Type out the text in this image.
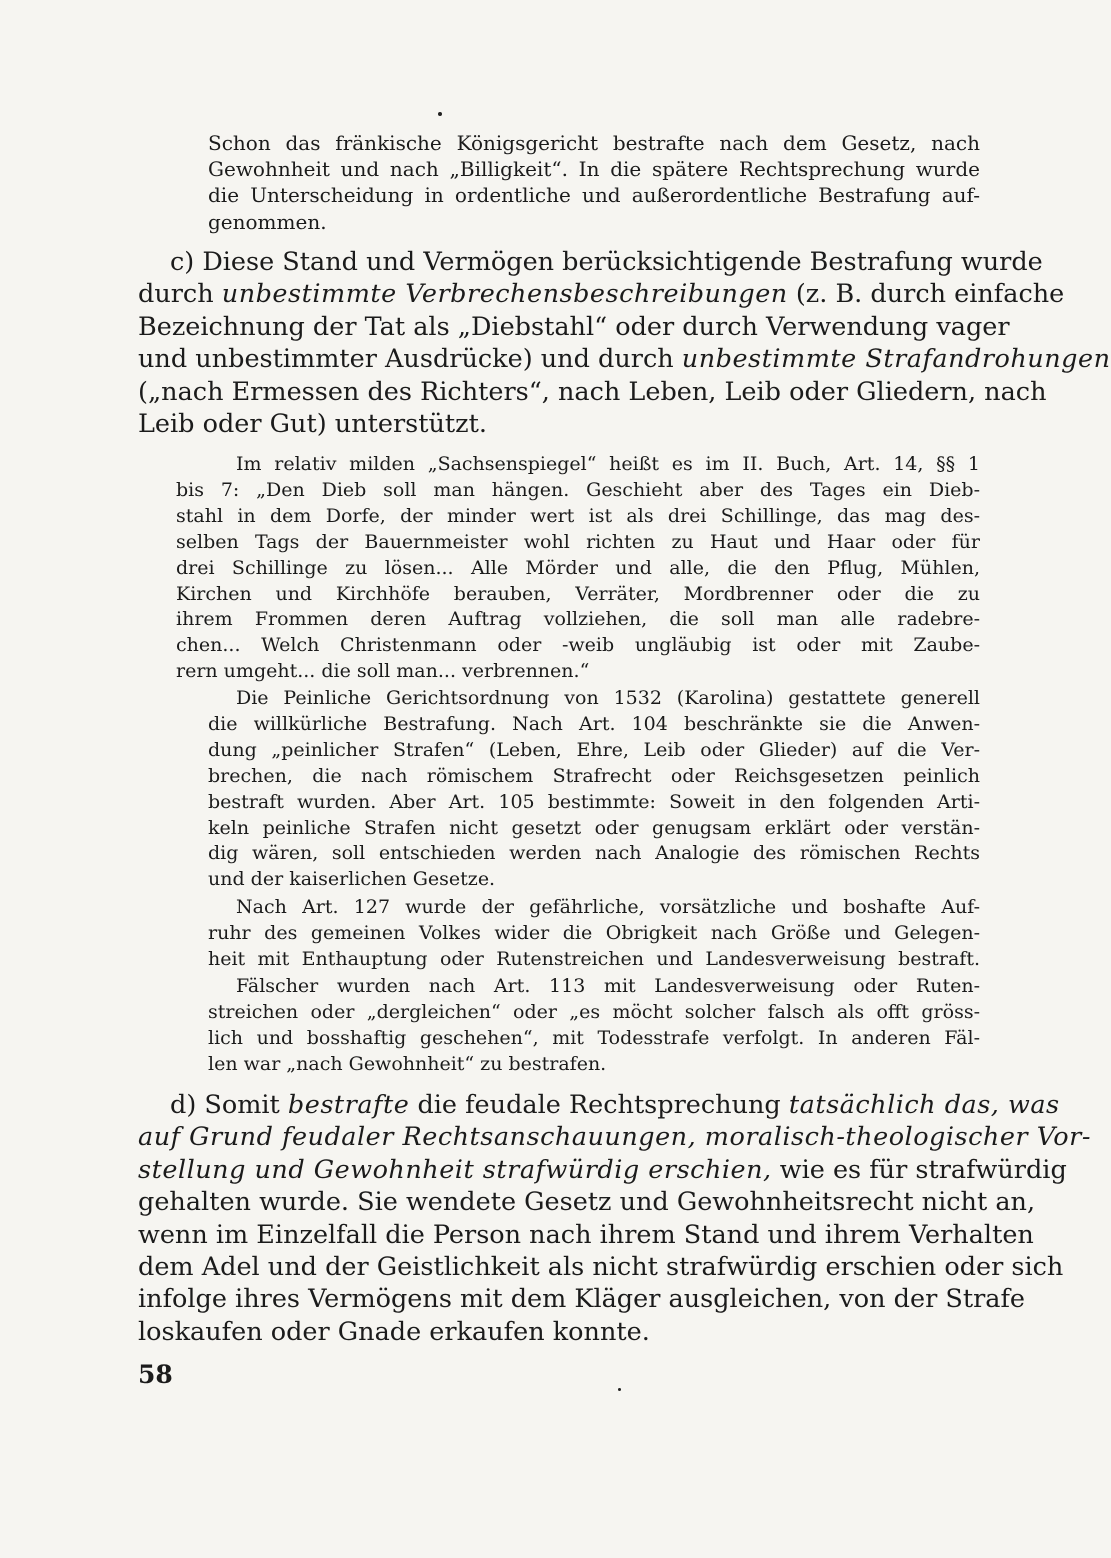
Schon das fränkische Königsgericht bestrafte nach dem Gesetz, nach
Gewohnheit und nach „Billigkeit“. In die spätere Rechtsprechung wurde
die Unterscheidung in ordentliche und außerordentliche Bestrafung auf-
genommen.
c) Diese Stand und Vermögen berücksichtigende Bestrafung wurde
durch unbestimmte Verbrechensbeschreibungen (z. B. durch einfache
Bezeichnung der Tat als „Diebstahl“ oder durch Verwendung vager
und unbestimmter Ausdrücke) und durch unbestimmte Strafandrohungen
(„nach Ermessen des Richters“, nach Leben, Leib oder Gliedern, nach
Leib oder Gut) unterstützt.
Im relativ milden „Sachsenspiegel“ heißt es im II. Buch, Art. 14, §§ 1
bis 7: „Den Dieb soll man hängen. Geschieht aber des Tages ein Dieb-
stahl in dem Dorfe, der minder wert ist als drei Schillinge, das mag des-
selben Tags der Bauernmeister wohl richten zu Haut und Haar oder für
drei Schillinge zu lösen... Alle Mörder und alle, die den Pflug, Mühlen,
Kirchen und Kirchhöfe berauben, Verräter, Mordbrenner oder die zu
ihrem Frommen deren Auftrag vollziehen, die soll man alle radebre-
chen... Welch Christenmann oder -weib ungläubig ist oder mit Zaube-
rern umgeht... die soll man... verbrennen.“
Die Peinliche Gerichtsordnung von 1532 (Karolina) gestattete generell
die willkürliche Bestrafung. Nach Art. 104 beschränkte sie die Anwen-
dung „peinlicher Strafen“ (Leben, Ehre, Leib oder Glieder) auf die Ver-
brechen, die nach römischem Strafrecht oder Reichsgesetzen peinlich
bestraft wurden. Aber Art. 105 bestimmte: Soweit in den folgenden Arti-
keln peinliche Strafen nicht gesetzt oder genugsam erklärt oder verstän-
dig wären, soll entschieden werden nach Analogie des römischen Rechts
und der kaiserlichen Gesetze.
Nach Art. 127 wurde der gefährliche, vorsätzliche und boshafte Auf-
ruhr des gemeinen Volkes wider die Obrigkeit nach Größe und Gelegen-
heit mit Enthauptung oder Rutenstreichen und Landesverweisung bestraft.
Fälscher wurden nach Art. 113 mit Landesverweisung oder Ruten-
streichen oder „dergleichen“ oder „es möcht solcher falsch als offt gröss-
lich und bosshaftig geschehen“, mit Todesstrafe verfolgt. In anderen Fäl-
len war „nach Gewohnheit“ zu bestrafen.
d) Somit bestrafte die feudale Rechtsprechung tatsächlich das, was
auf Grund feudaler Rechtsanschauungen, moralisch-theologischer Vor-
stellung und Gewohnheit strafwürdig erschien, wie es für strafwürdig
gehalten wurde. Sie wendete Gesetz und Gewohnheitsrecht nicht an,
wenn im Einzelfall die Person nach ihrem Stand und ihrem Verhalten
dem Adel und der Geistlichkeit als nicht strafwürdig erschien oder sich
infolge ihres Vermögens mit dem Kläger ausgleichen, von der Strafe
loskaufen oder Gnade erkaufen konnte.
58
